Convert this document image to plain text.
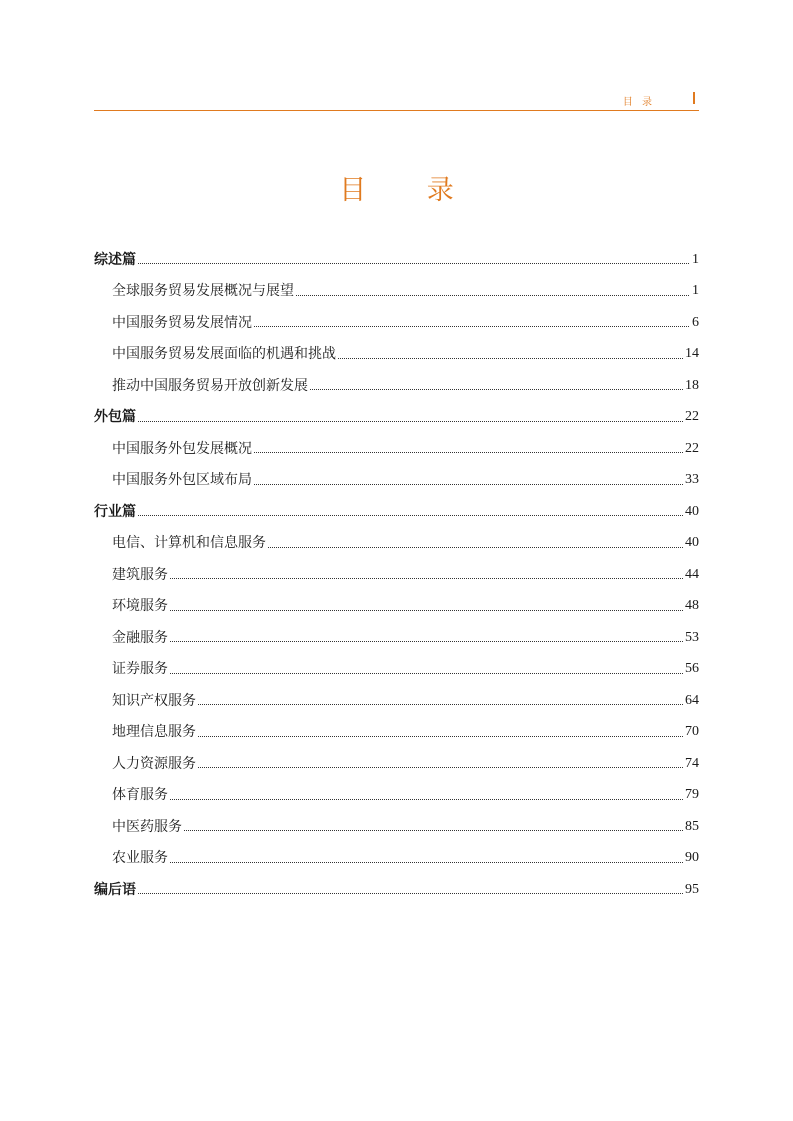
目 录
目 录
综述篇	1
全球服务贸易发展概况与展望	1
中国服务贸易发展情况	6
中国服务贸易发展面临的机遇和挑战	14
推动中国服务贸易开放创新发展	18
外包篇	22
中国服务外包发展概况	22
中国服务外包区域布局	33
行业篇	40
电信、计算机和信息服务	40
建筑服务	44
环境服务	48
金融服务	53
证券服务	56
知识产权服务	64
地理信息服务	70
人力资源服务	74
体育服务	79
中医药服务	85
农业服务	90
编后语	95
